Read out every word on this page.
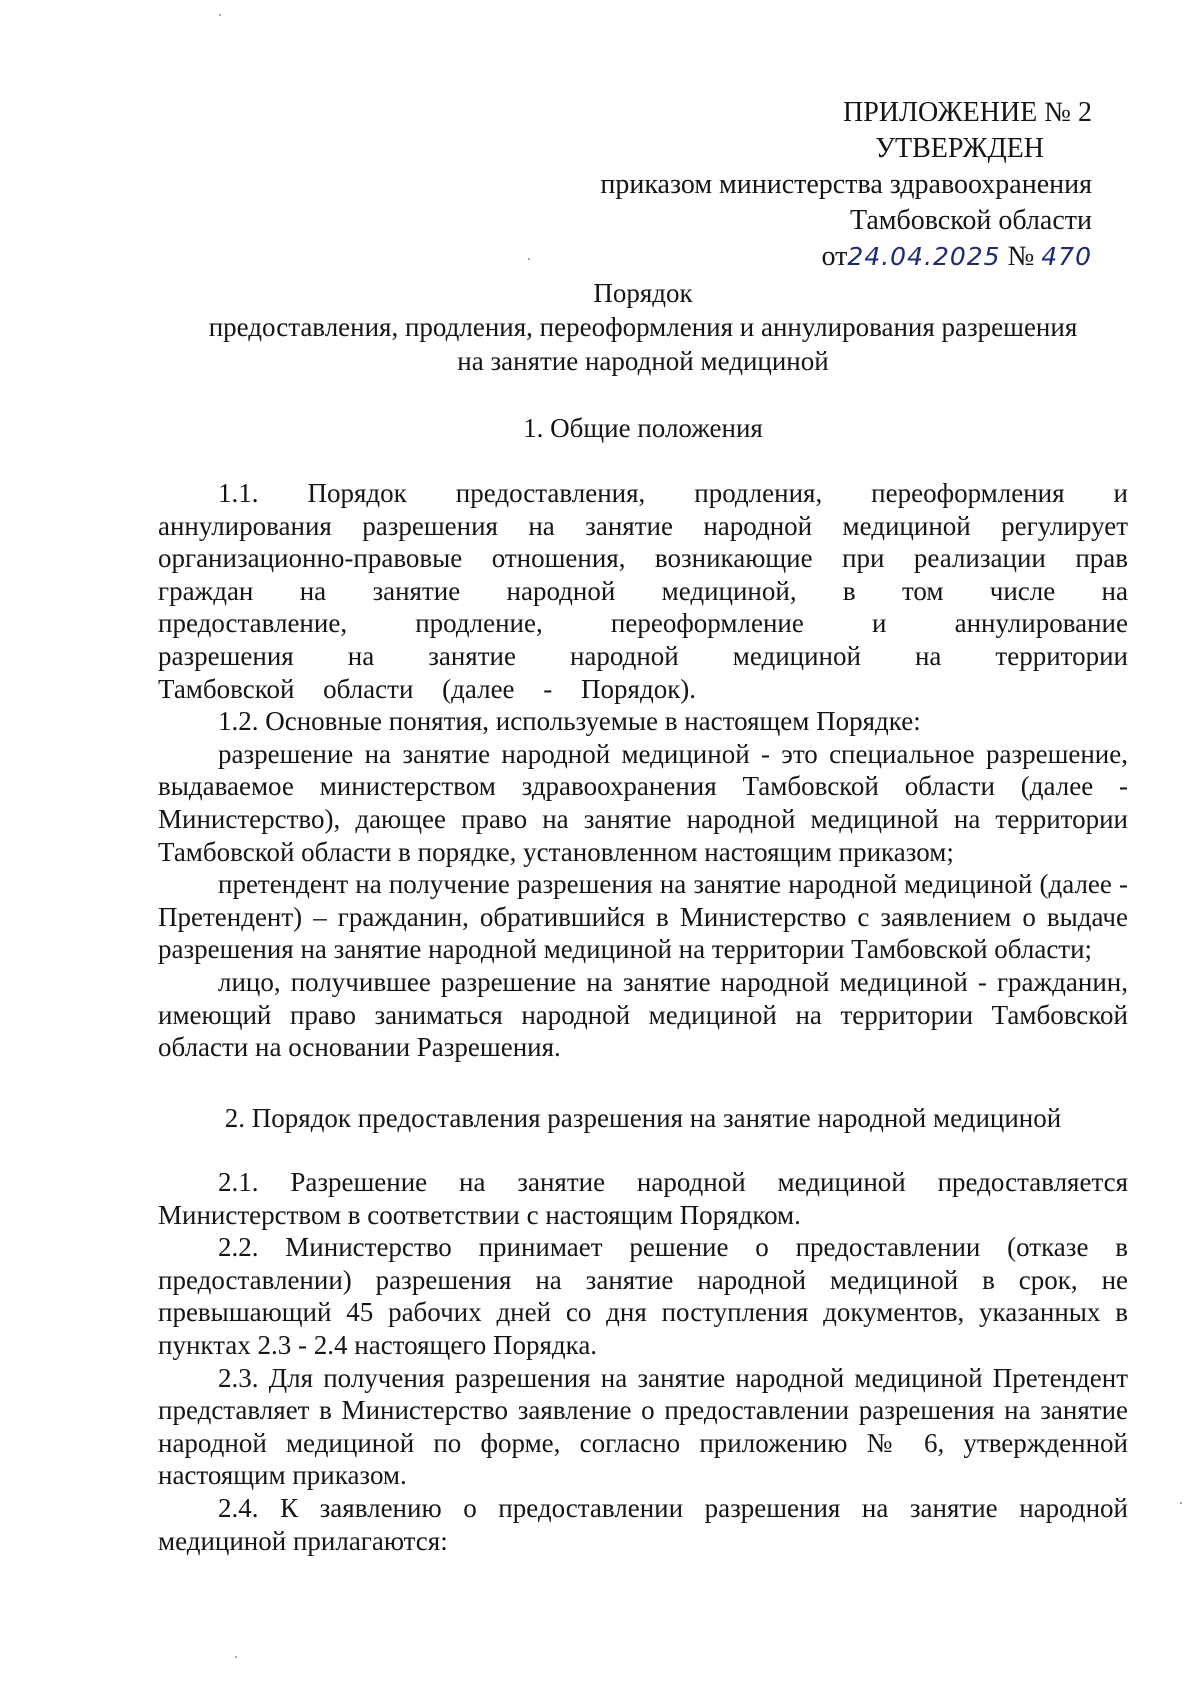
ПРИЛОЖЕНИЕ № 2
УТВЕРЖДЕН
приказом министерства здравоохранения
Тамбовской области
от24.04.2025 № 470
Порядок
предоставления, продления, переоформления и аннулирования разрешения
на занятие народной медициной
1. Общие положения

1.1. Порядок предоставления, продления, переоформления и аннулирования разрешения на занятие народной медициной регулирует организационно-правовые отношения, возникающие при реализации прав граждан на занятие народной медициной, в том числе на предоставление, продление, переоформление и аннулирование разрешения на занятие народной медициной на территории Тамбовской области (далее - Порядок).

1.2. Основные понятия, используемые в настоящем Порядке:

разрешение на занятие народной медициной - это специальное разрешение, выдаваемое министерством здравоохранения Тамбовской области (далее - Министерство), дающее право на занятие народной медициной на территории Тамбовской области в порядке, установленном настоящим приказом;

претендент на получение разрешения на занятие народной медициной (далее - Претендент) – гражданин, обратившийся в Министерство с заявлением о выдаче разрешения на занятие народной медициной на территории Тамбовской области;

лицо, получившее разрешение на занятие народной медициной - гражданин, имеющий право заниматься народной медициной на территории Тамбовской области на основании Разрешения.

2. Порядок предоставления разрешения на занятие народной медициной

2.1. Разрешение на занятие народной медициной предоставляется Министерством в соответствии с настоящим Порядком.

2.2. Министерство принимает решение о предоставлении (отказе в предоставлении) разрешения на занятие народной медициной в срок, не превышающий 45 рабочих дней со дня поступления документов, указанных в пунктах 2.3 - 2.4 настоящего Порядка.

2.3. Для получения разрешения на занятие народной медициной Претендент представляет в Министерство заявление о предоставлении разрешения на занятие народной медициной по форме, согласно приложению № 6, утвержденной настоящим приказом.

2.4. К заявлению о предоставлении разрешения на занятие народной медициной прилагаются:
